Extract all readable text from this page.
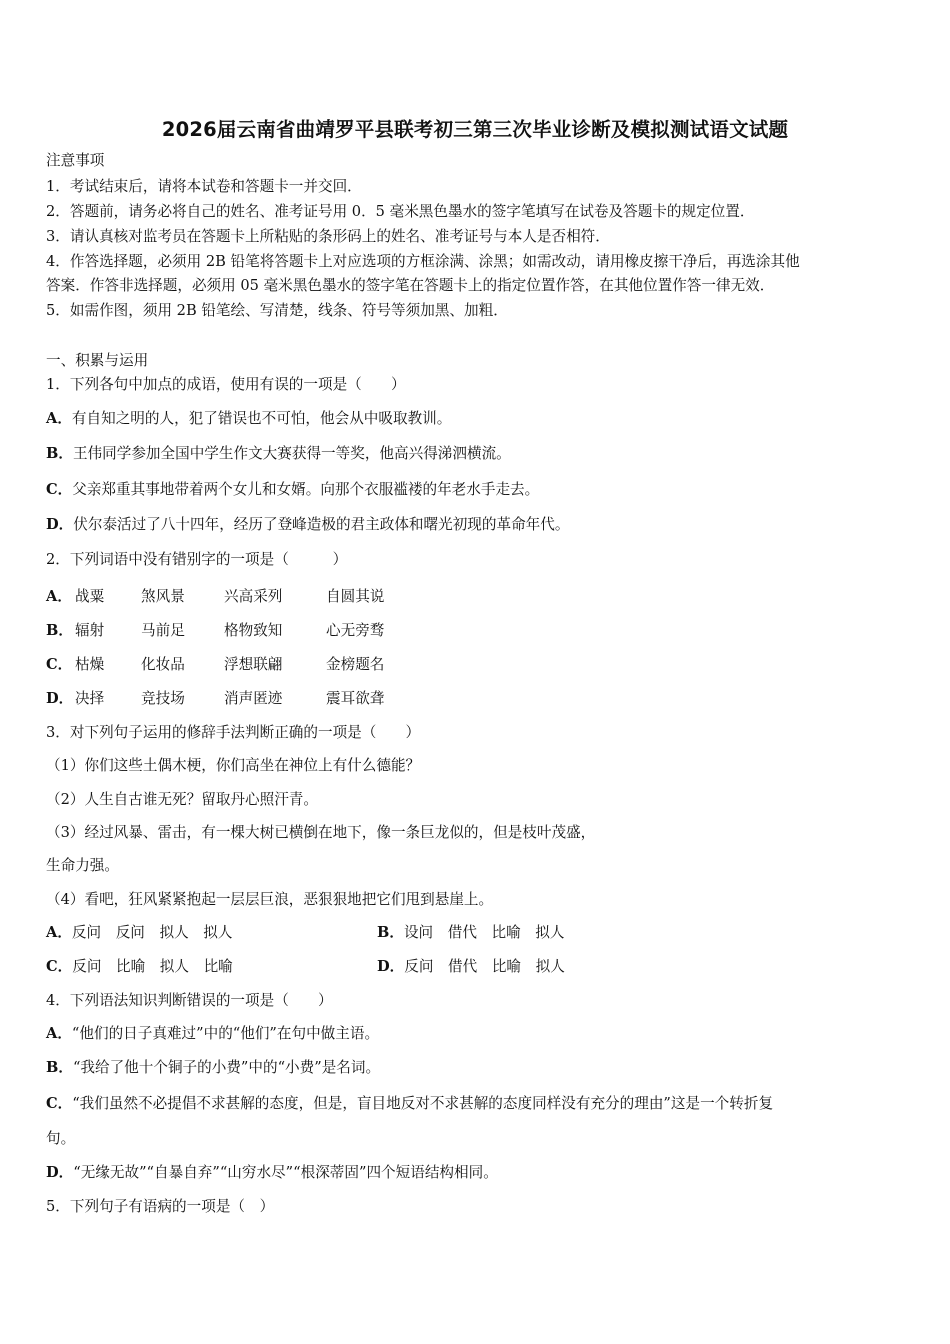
2026届云南省曲靖罗平县联考初三第三次毕业诊断及模拟测试语文试题
注意事项
1．考试结束后，请将本试卷和答题卡一并交回．
2．答题前，请务必将自己的姓名、准考证号用 0．5 毫米黑色墨水的签字笔填写在试卷及答题卡的规定位置．
3．请认真核对监考员在答题卡上所粘贴的条形码上的姓名、准考证号与本人是否相符．
4．作答选择题，必须用 2B 铅笔将答题卡上对应选项的方框涂满、涂黑；如需改动，请用橡皮擦干净后，再选涂其他
答案．作答非选择题，必须用 05 毫米黑色墨水的签字笔在答题卡上的指定位置作答，在其他位置作答一律无效．
5．如需作图，须用 2B 铅笔绘、写清楚，线条、符号等须加黑、加粗．
一、积累与运用
1．下列各句中加点的成语，使用有误的一项是（　　）
A．有自知之明的人，犯了错误也不可怕，他会从中吸取教训。
B．王伟同学参加全国中学生作文大赛获得一等奖，他高兴得涕泗横流。
C．父亲郑重其事地带着两个女儿和女婿。向那个衣服褴褛的年老水手走去。
D．伏尔泰活过了八十四年，经历了登峰造极的君主政体和曙光初现的革命年代。
2．下列词语中没有错别字的一项是（　　　）
A． 战粟	煞风景	兴高采列	自圆其说
B． 辐射	马前足	格物致知	心无旁骛
C． 枯燥	化妆品	浮想联翩	金榜题名
D． 决择	竞技场	消声匿迹	震耳欲聋
3．对下列句子运用的修辞手法判断正确的一项是（　　）
（1）你们这些土偶木梗，你们高坐在神位上有什么德能？
（2）人生自古谁无死？留取丹心照汗青。
（3）经过风暴、雷击，有一棵大树已横倒在地下，像一条巨龙似的，但是枝叶茂盛，
生命力强。
（4）看吧，狂风紧紧抱起一层层巨浪，恶狠狠地把它们甩到悬崖上。
A．反问　反问　拟人　拟人	B．设问　借代　比喻　拟人
C．反问　比喻　拟人　比喻	D．反问　借代　比喻　拟人
4．下列语法知识判断错误的一项是（　　）
A．“他们的日子真难过”中的“他们”在句中做主语。
B．“我给了他十个铜子的小费”中的“小费”是名词。
C．“我们虽然不必提倡不求甚解的态度，但是，盲目地反对不求甚解的态度同样没有充分的理由”这是一个转折复
句。
D．“无缘无故”“自暴自弃”“山穷水尽”“根深蒂固”四个短语结构相同。
5．下列句子有语病的一项是（　）
